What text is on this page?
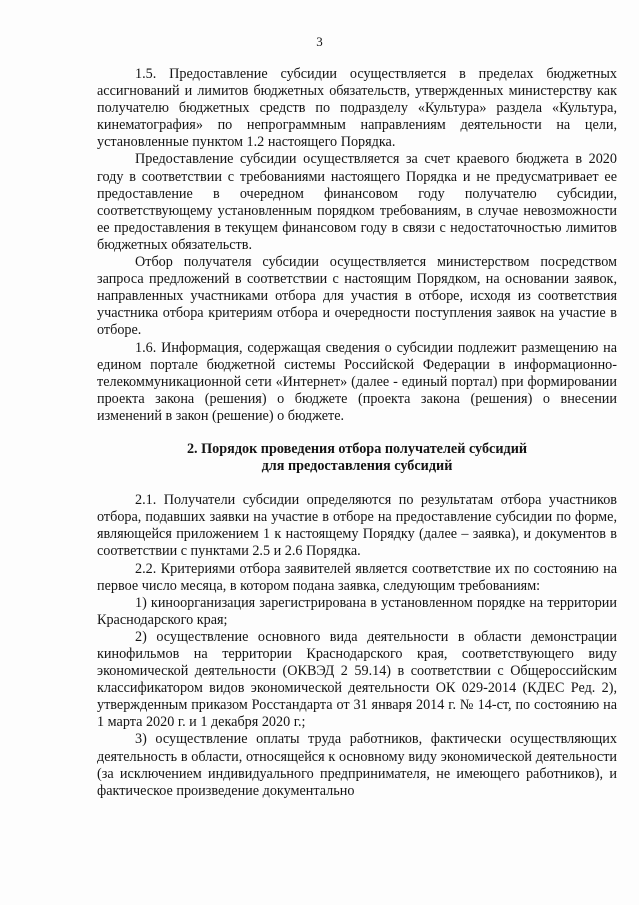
3

1.5. Предоставление субсидии осуществляется в пределах бюджетных ассигнований и лимитов бюджетных обязательств, утвержденных министерству как получателю бюджетных средств по подразделу «Культура» раздела «Культура, кинематография» по непрограммным направлениям деятельности на цели, установленные пунктом 1.2 настоящего Порядка.

Предоставление субсидии осуществляется за счет краевого бюджета в 2020 году в соответствии с требованиями настоящего Порядка и не предусматривает ее предоставление в очередном финансовом году получателю субсидии, соответствующему установленным порядком требованиям, в случае невозможности ее предоставления в текущем финансовом году в связи с недостаточностью лимитов бюджетных обязательств.

Отбор получателя субсидии осуществляется министерством посредством запроса предложений в соответствии с настоящим Порядком, на основании заявок, направленных участниками отбора для участия в отборе, исходя из соответствия участника отбора критериям отбора и очередности поступления заявок на участие в отборе.

1.6. Информация, содержащая сведения о субсидии подлежит размещению на едином портале бюджетной системы Российской Федерации в информационно-телекоммуникационной сети «Интернет» (далее - единый портал) при формировании проекта закона (решения) о бюджете (проекта закона (решения) о внесении изменений в закон (решение) о бюджете.

2. Порядок проведения отбора получателей субсидий
для предоставления субсидий

2.1. Получатели субсидии определяются по результатам отбора участников отбора, подавших заявки на участие в отборе на предоставление субсидии по форме, являющейся приложением 1 к настоящему Порядку (далее – заявка), и документов в соответствии с пунктами 2.5 и 2.6 Порядка.

2.2. Критериями отбора заявителей является соответствие их по состоянию на первое число месяца, в котором подана заявка, следующим требованиям:

1) киноорганизация зарегистрирована в установленном порядке на территории Краснодарского края;

2) осуществление основного вида деятельности в области демонстрации кинофильмов на территории Краснодарского края, соответствующего виду экономической деятельности (ОКВЭД 2 59.14) в соответствии с Общероссийским классификатором видов экономической деятельности ОК 029-2014 (КДЕС Ред. 2), утвержденным приказом Росстандарта от 31 января 2014 г. № 14-ст, по состоянию на 1 марта 2020 г. и 1 декабря 2020 г.;

3) осуществление оплаты труда работников, фактически осуществляющих деятельность в области, относящейся к основному виду экономической деятельности (за исключением индивидуального предпринимателя, не имеющего работников), и фактическое произведение документально
